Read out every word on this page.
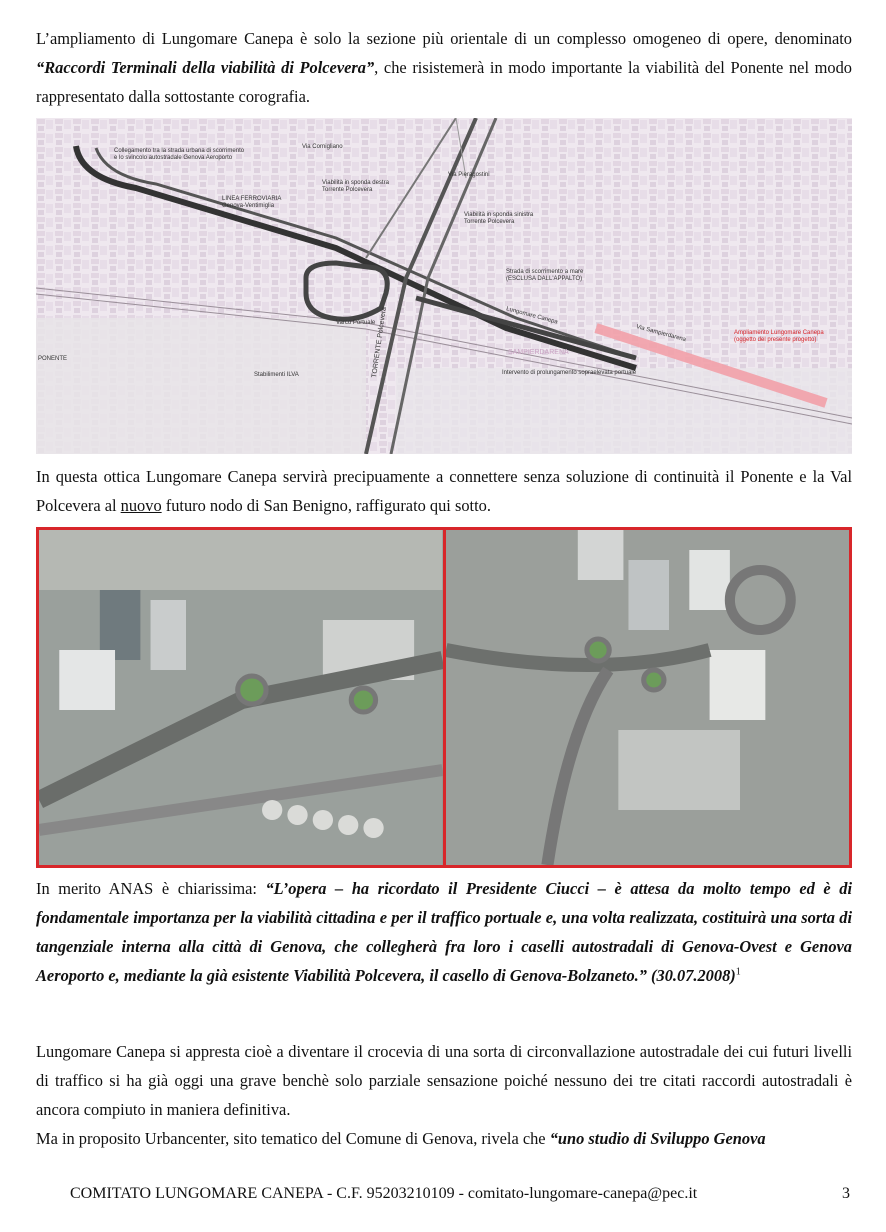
L’ampliamento di Lungomare Canepa è solo la sezione più orientale di un complesso omogeneo di opere, denominato “Raccordi Terminali della viabilità di Polcevera”, che risistemerà in modo importante la viabilità del Ponente nel modo rappresentato dalla sottostante corografia.

Collegamento tra la strada urbana di scorrimento
e lo svincolo autostradale Genova Aeroporto
Via Cornigliano
Viabilità in sponda destra
Torrente Polcevera
LINEA FERROVIARIA
Genova-Ventimiglia
Via Pieragostini
Viabilità in sponda sinistra
Torrente Polcevera
Strada di scorrimento a mare
(ESCLUSA DALL'APPALTO)
Varco Portuale
TORRENTE Polcevera	Lungomare Canepa
Via Sampierdarena	Ampliamento Lungomare Canepa
(oggetto del presente progetto)
SAMPIERDARENA
PONENTE
Stabilimenti ILVA	Intervento di prolungamento sopraelevata portuale

In questa ottica Lungomare Canepa servirà precipuamente a connettere senza soluzione di continuità il Ponente e la Val Polcevera al nuovo futuro nodo di San Benigno, raffigurato qui sotto.

In merito ANAS è chiarissima: “L’opera – ha ricordato il Presidente Ciucci – è attesa da molto tempo ed è di fondamentale importanza per la viabilità cittadina e per il traffico portuale e, una volta realizzata, costituirà una sorta di tangenziale interna alla città di Genova, che collegherà fra loro i caselli autostradali di Genova-Ovest e Genova Aeroporto e, mediante la già esistente Viabilità Polcevera, il casello di Genova-Bolzaneto.” $(30.07.2008)^1$

Lungomare Canepa si appresta cioè a diventare il crocevia di una sorta di circonvallazione autostradale dei cui futuri livelli di traffico si ha già oggi una grave benchè solo parziale sensazione poiché nessuno dei tre citati raccordi autostradali è ancora compiuto in maniera definitiva.

Ma in proposito Urbancenter, sito tematico del Comune di Genova, rivela che “uno studio di Sviluppo Genova

COMITATO LUNGOMARE CANEPA - C.F. 95203210109 - comitato-lungomare-canepa@pec.it	3
